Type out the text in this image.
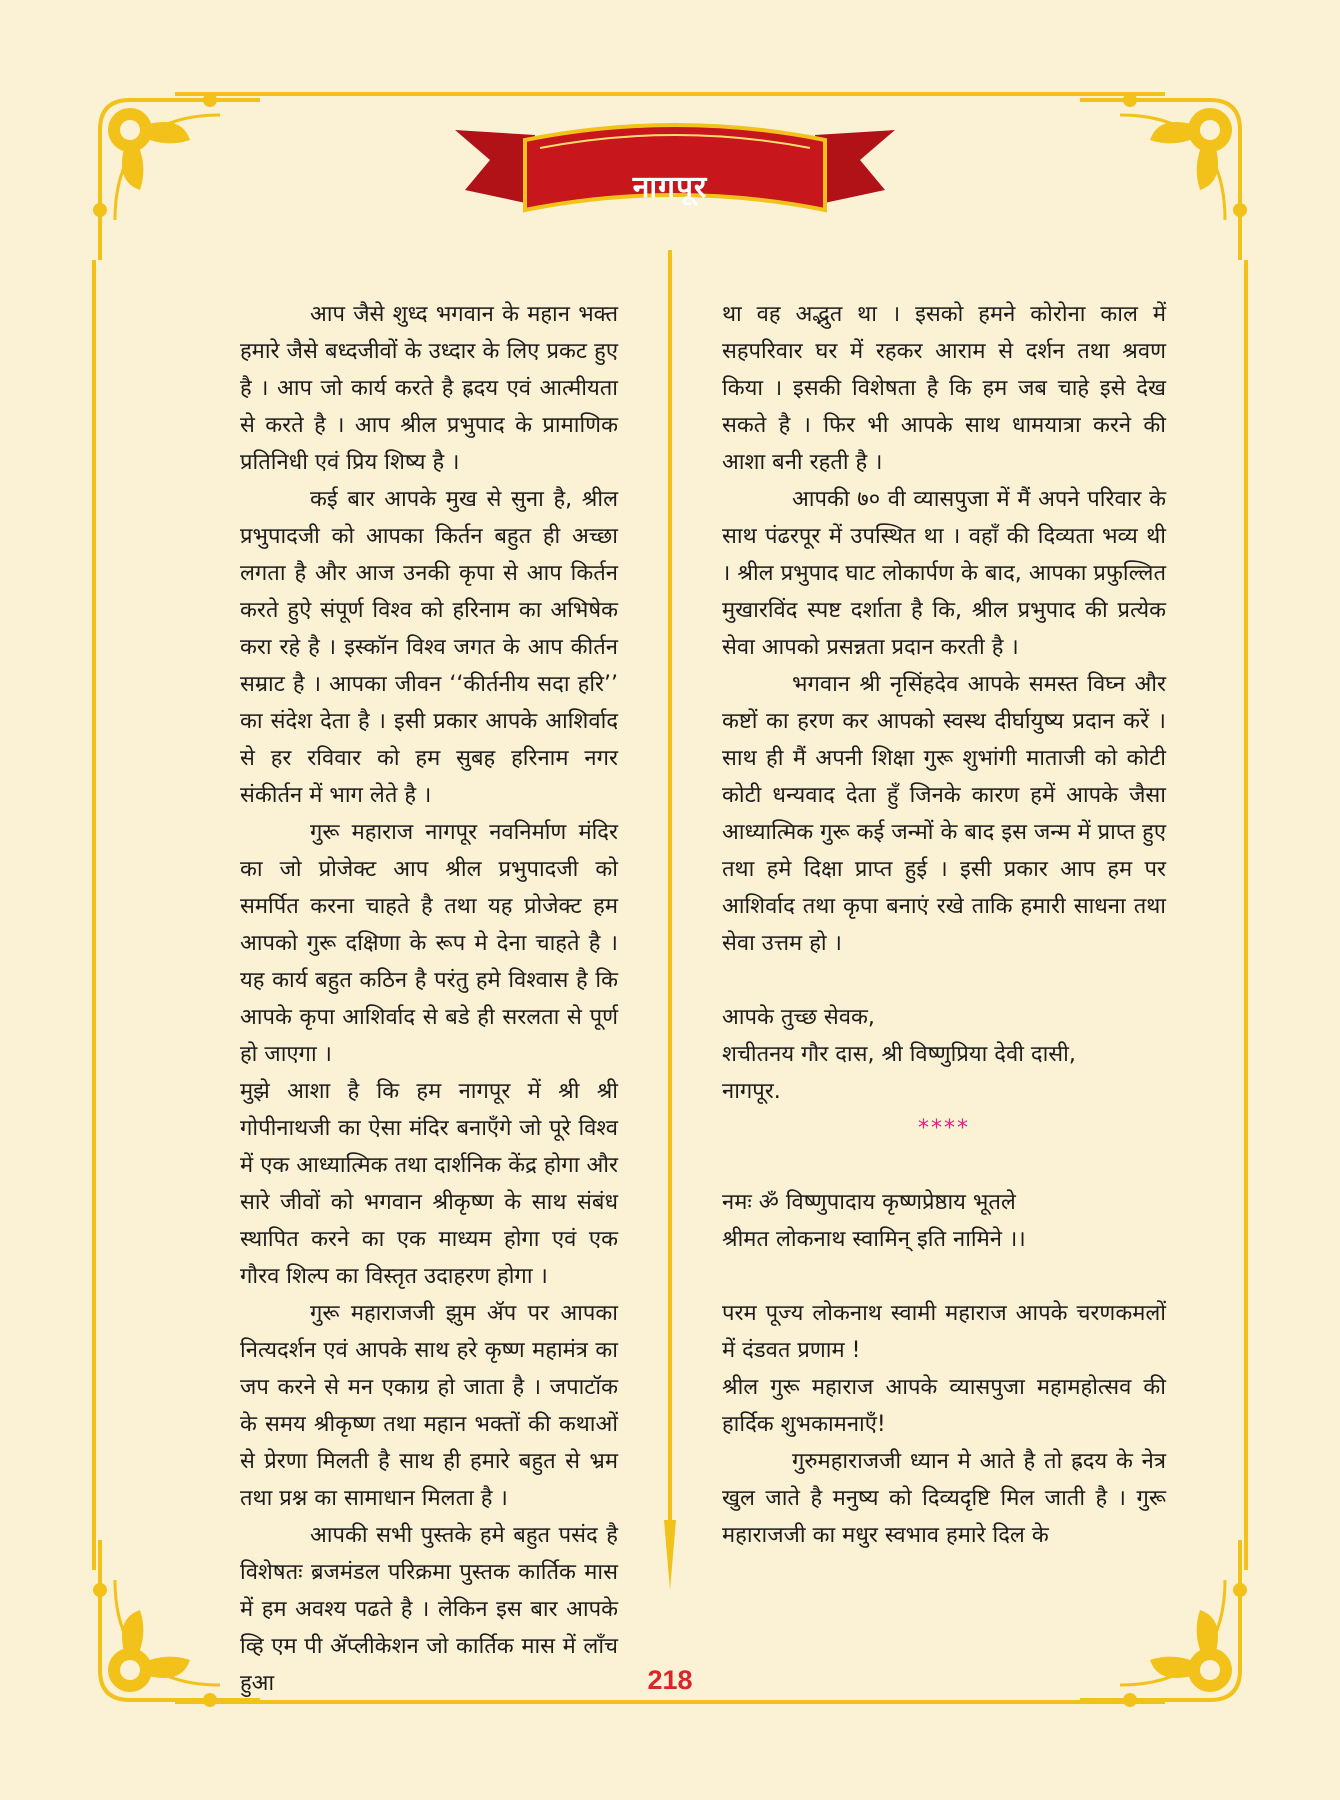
नागपूर

आप जैसे शुध्द भगवान के महान भक्त हमारे जैसे बध्दजीवों के उध्दार के लिए प्रकट हुए है । आप जो कार्य करते है ह्रदय एवं आत्मीयता से करते है । आप श्रील प्रभुपाद के प्रामाणिक प्रतिनिधी एवं प्रिय शिष्य है ।

कई बार आपके मुख से सुना है, श्रील प्रभुपादजी को आपका किर्तन बहुत ही अच्छा लगता है और आज उनकी कृपा से आप किर्तन करते हुऐ संपूर्ण विश्व को हरिनाम का अभिषेक करा रहे है । इस्कॉन विश्व जगत के आप कीर्तन सम्राट है । आपका जीवन ‘‘कीर्तनीय सदा हरि’’ का संदेश देता है । इसी प्रकार आपके आशिर्वाद से हर रविवार को हम सुबह हरिनाम नगर संकीर्तन में भाग लेते है ।

गुरू महाराज नागपूर नवनिर्माण मंदिर का जो प्रोजेक्ट आप श्रील प्रभुपादजी को समर्पित करना चाहते है तथा यह प्रोजेक्ट हम आपको गुरू दक्षिणा के रूप मे देना चाहते है । यह कार्य बहुत कठिन है परंतु हमे विश्वास है कि आपके कृपा आशिर्वाद से बडे ही सरलता से पूर्ण हो जाएगा ।

मुझे आशा है कि हम नागपूर में श्री श्री गोपीनाथजी का ऐसा मंदिर बनाएँगे जो पूरे विश्व में एक आध्यात्मिक तथा दार्शनिक केंद्र होगा और सारे जीवों को भगवान श्रीकृष्ण के साथ संबंध स्थापित करने का एक माध्यम होगा एवं एक गौरव शिल्प का विस्तृत उदाहरण होगा ।

गुरू महाराजजी झुम ॲप पर आपका नित्यदर्शन एवं आपके साथ हरे कृष्ण महामंत्र का जप करने से मन एकाग्र हो जाता है । जपाटॉक के समय श्रीकृष्ण तथा महान भक्तों की कथाओं से प्रेरणा मिलती है साथ ही हमारे बहुत से भ्रम तथा प्रश्न का सामाधान मिलता है ।

आपकी सभी पुस्तके हमे बहुत पसंद है विशेषतः ब्रजमंडल परिक्रमा पुस्तक कार्तिक मास में हम अवश्य पढते है । लेकिन इस बार आपके व्हि एम पी ॲप्लीकेशन जो कार्तिक मास में लाँच हुआ

था वह अद्भुत था । इसको हमने कोरोना काल में सहपरिवार घर में रहकर आराम से दर्शन तथा श्रवण किया । इसकी विशेषता है कि हम जब चाहे इसे देख सकते है । फिर भी आपके साथ धामयात्रा करने की आशा बनी रहती है ।

आपकी ७० वी व्यासपुजा में मैं अपने परिवार के साथ पंढरपूर में उपस्थित था । वहाँ की दिव्यता भव्य थी । श्रील प्रभुपाद घाट लोकार्पण के बाद, आपका प्रफुल्लित मुखारविंद स्पष्ट दर्शाता है कि, श्रील प्रभुपाद की प्रत्येक सेवा आपको प्रसन्नता प्रदान करती है ।

भगवान श्री नृसिंहदेव आपके समस्त विघ्न और कष्टों का हरण कर आपको स्वस्थ दीर्घायुष्य प्रदान करें । साथ ही मैं अपनी शिक्षा गुरू शुभांगी माताजी को कोटी कोटी धन्यवाद देता हुँ जिनके कारण हमें आपके जैसा आध्यात्मिक गुरू कई जन्मों के बाद इस जन्म में प्राप्त हुए तथा हमे दिक्षा प्राप्त हुई । इसी प्रकार आप हम पर आशिर्वाद तथा कृपा बनाएं रखे ताकि हमारी साधना तथा सेवा उत्तम हो ।

आपके तुच्छ सेवक,

शचीतनय गौर दास, श्री विष्णुप्रिया देवी दासी,

नागपूर.

****

नमः ॐ विष्णुपादाय कृष्णप्रेष्ठाय भूतले

श्रीमत लोकनाथ स्वामिन् इति नामिने ।।

परम पूज्य लोकनाथ स्वामी महाराज आपके चरणकमलों में दंडवत प्रणाम !

श्रील गुरू महाराज आपके व्यासपुजा महामहोत्सव की हार्दिक शुभकामनाएँ!

गुरुमहाराजजी ध्यान मे आते है तो ह्रदय के नेत्र खुल जाते है मनुष्य को दिव्यदृष्टि मिल जाती है । गुरू महाराजजी का मधुर स्वभाव हमारे दिल के

218
